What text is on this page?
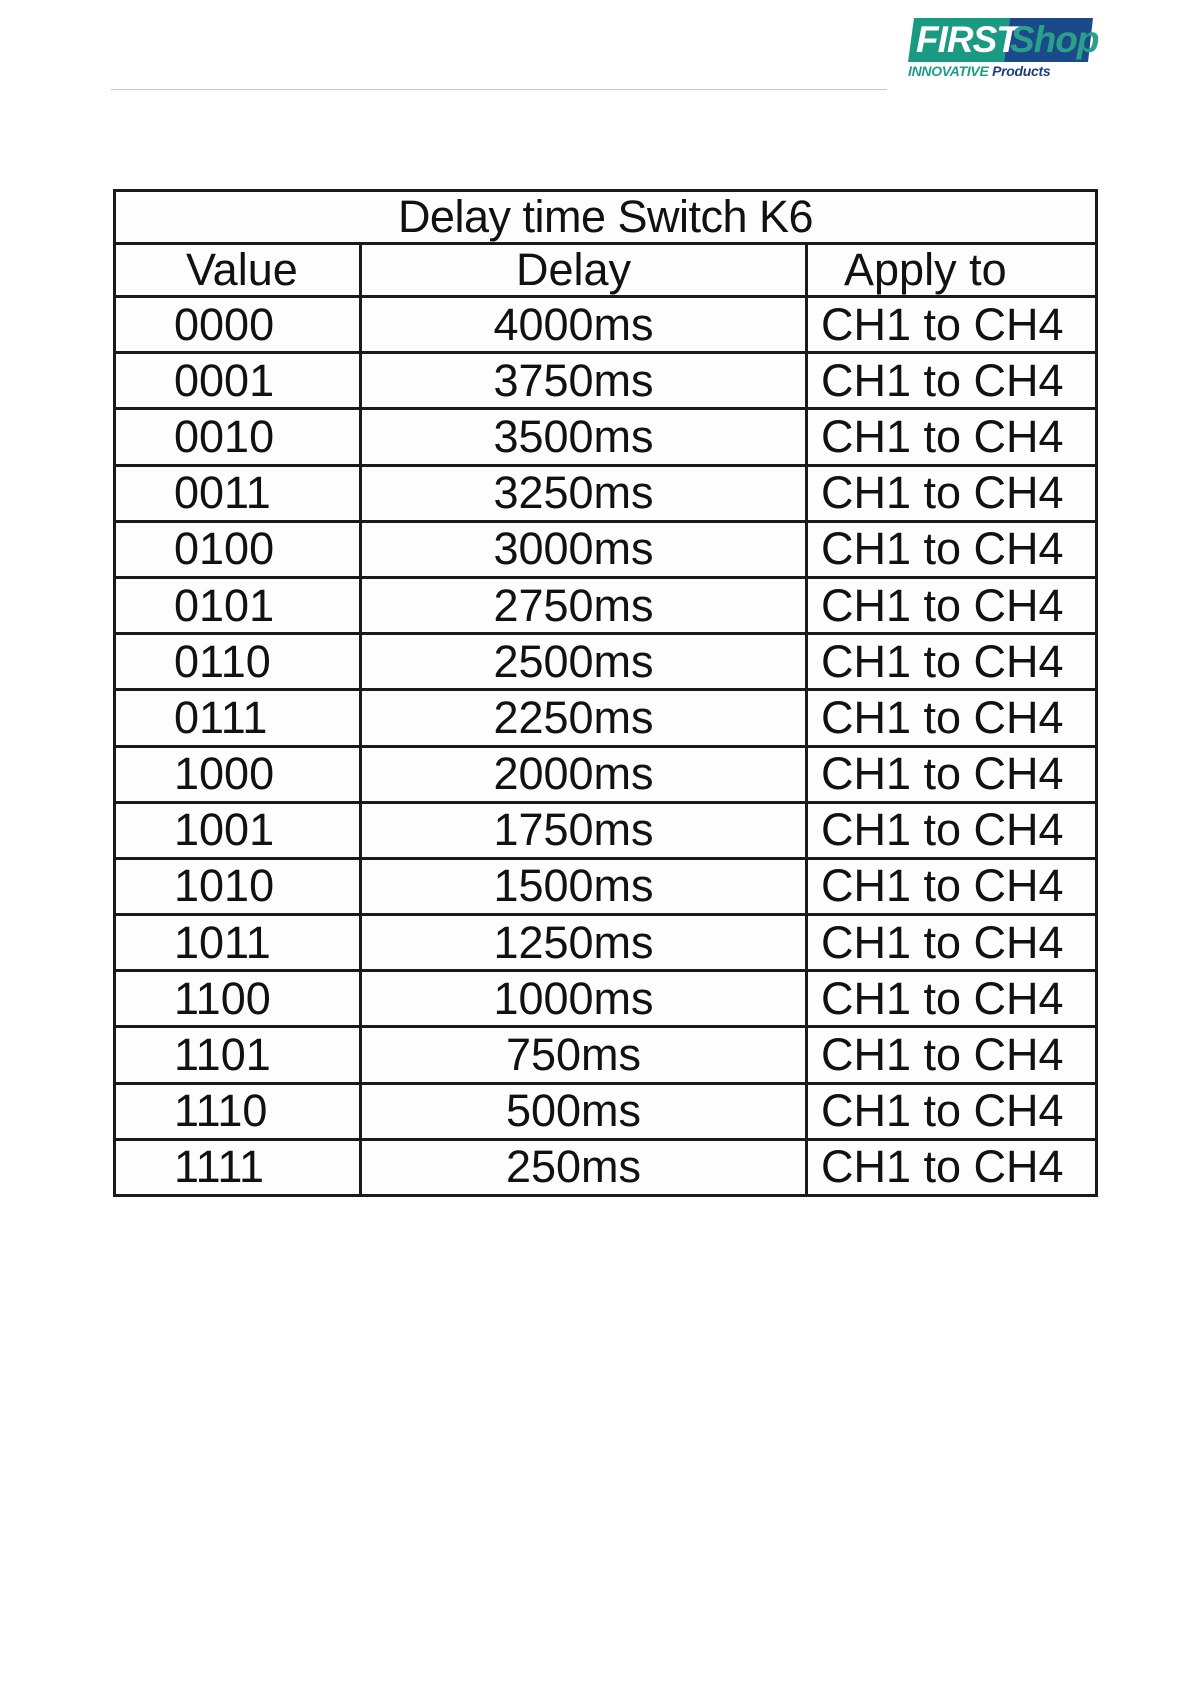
FIRST
Shop
INNOVATIVE Products
Delay time Switch K6		
Value	Delay	Apply to
0000	4000ms	CH1 to CH4
0001	3750ms	CH1 to CH4
0010	3500ms	CH1 to CH4
0011	3250ms	CH1 to CH4
0100	3000ms	CH1 to CH4
0101	2750ms	CH1 to CH4
0110	2500ms	CH1 to CH4
0111	2250ms	CH1 to CH4
1000	2000ms	CH1 to CH4
1001	1750ms	CH1 to CH4
1010	1500ms	CH1 to CH4
1011	1250ms	CH1 to CH4
1100	1000ms	CH1 to CH4
1101	750ms	CH1 to CH4
1110	500ms	CH1 to CH4
1111	250ms	CH1 to CH4
